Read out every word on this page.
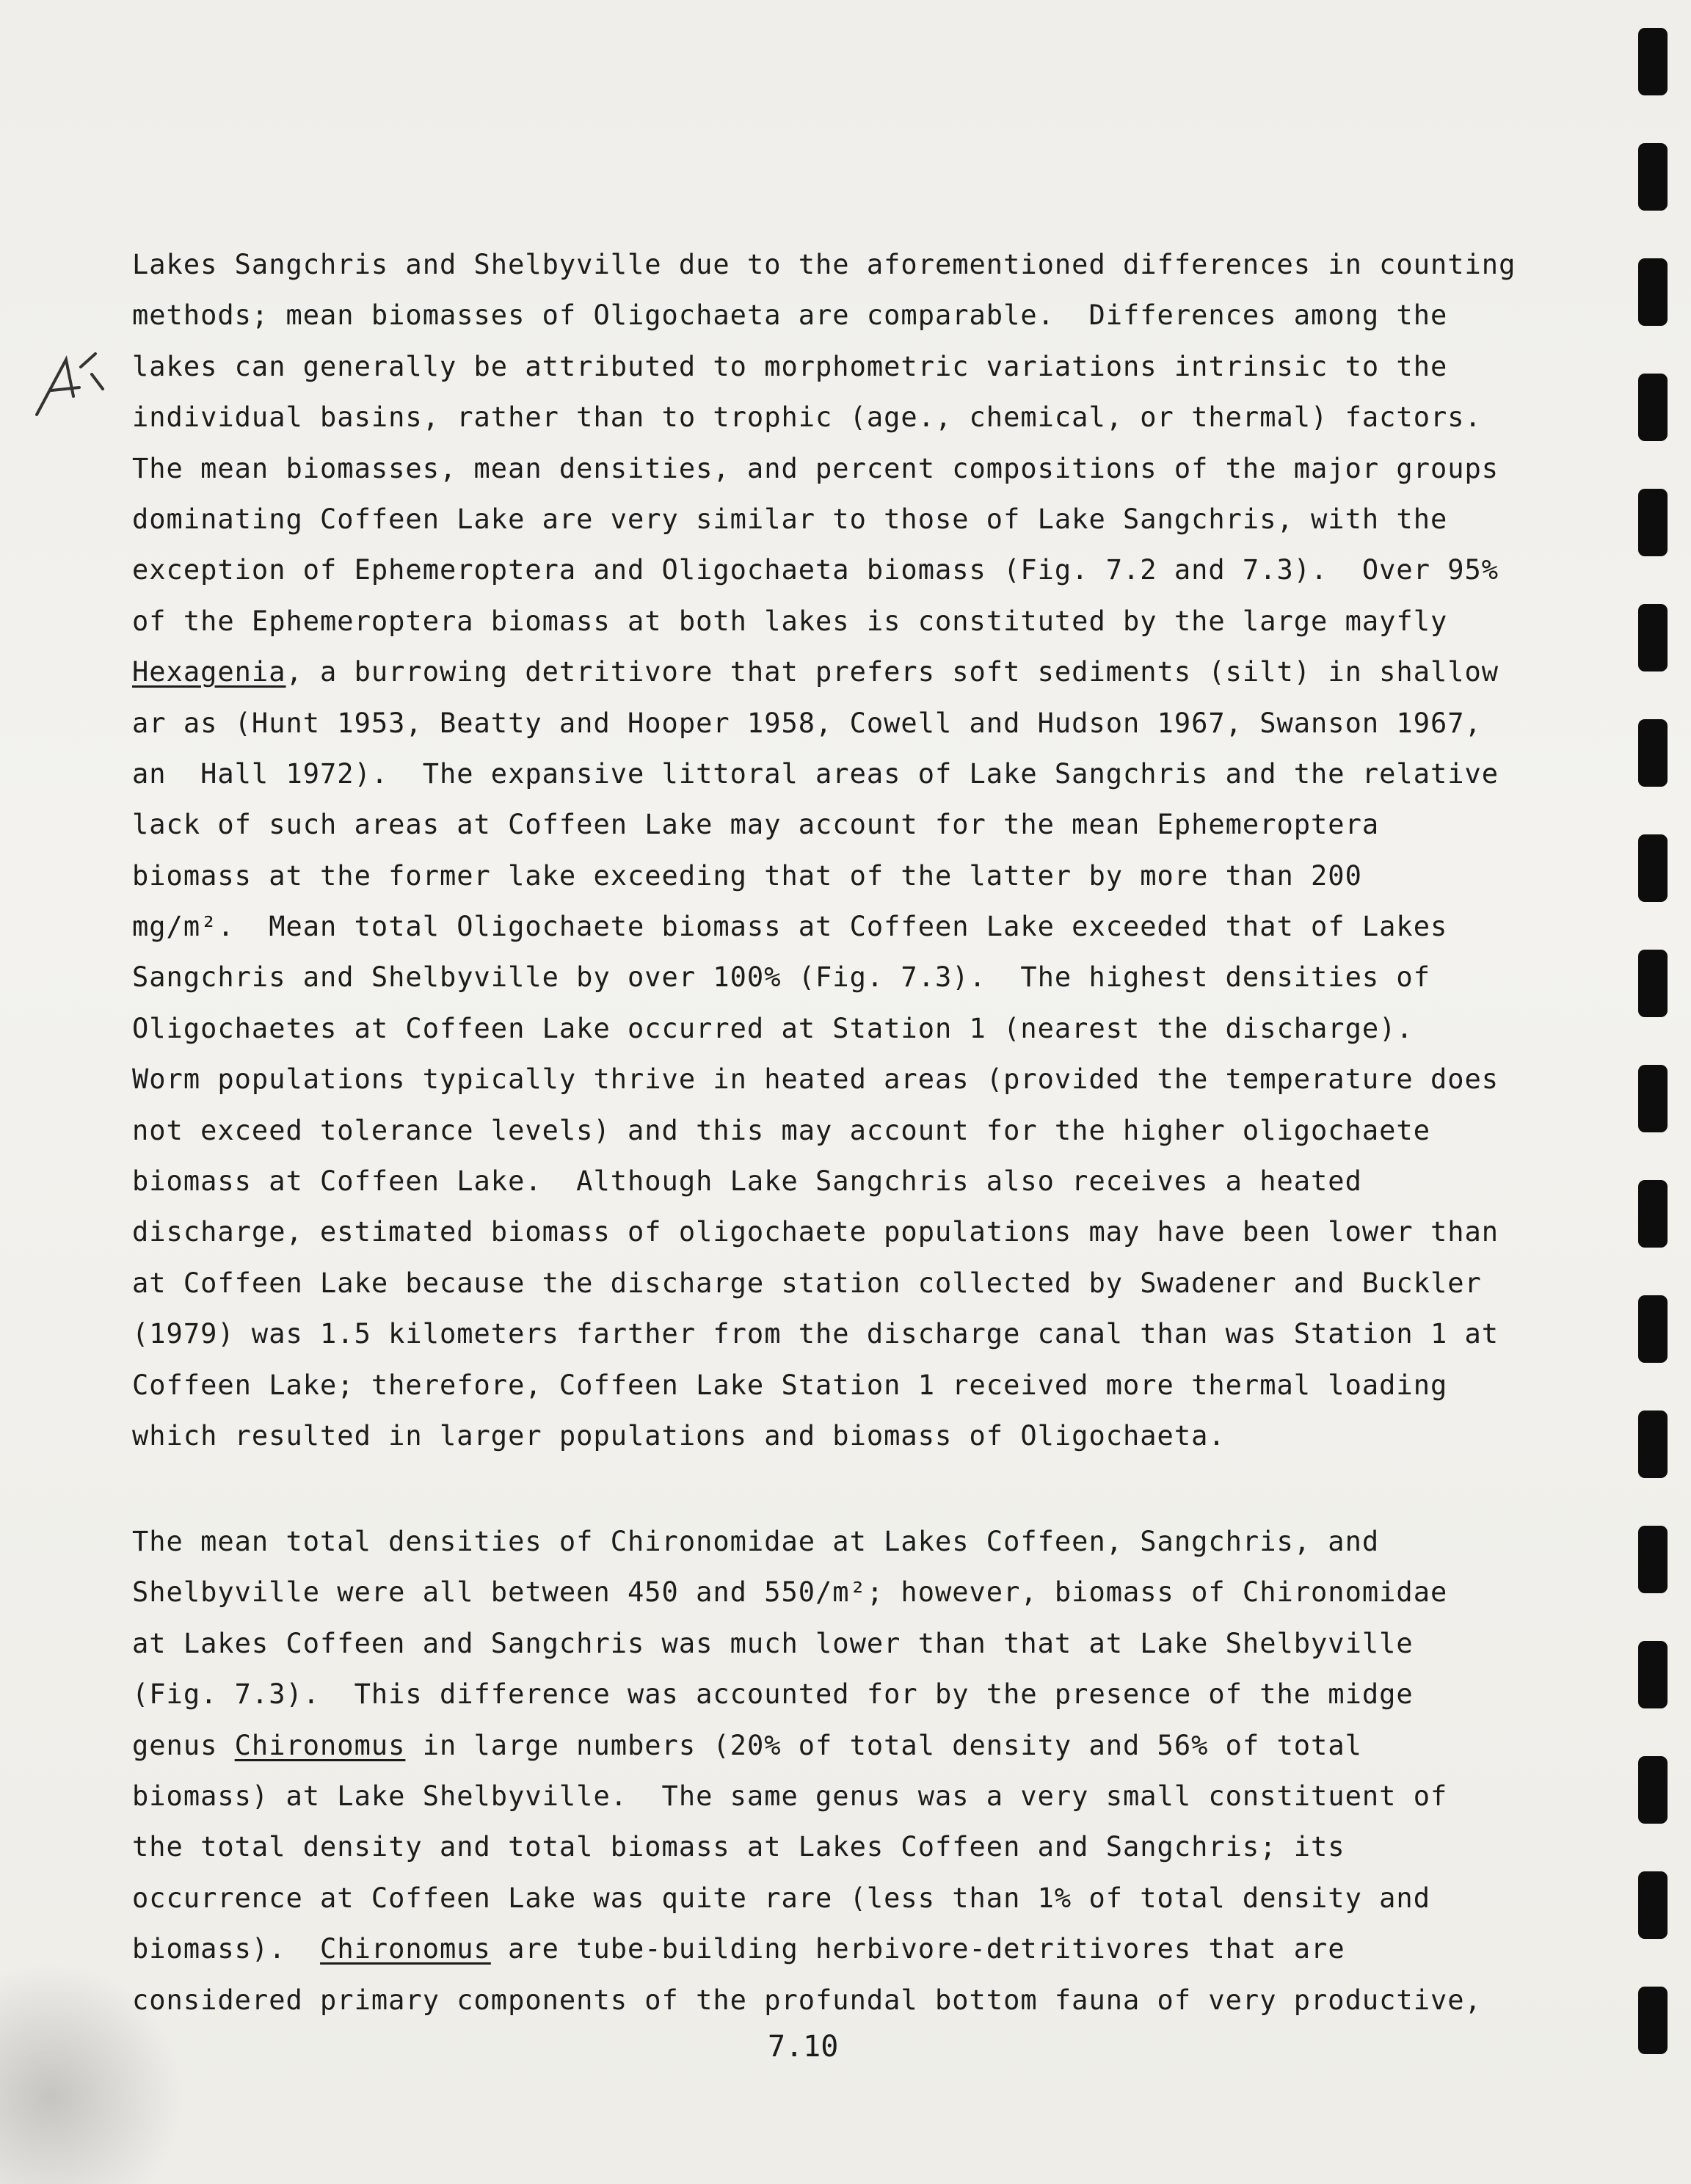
Lakes Sangchris and Shelbyville due to the aforementioned differences in counting
methods; mean biomasses of Oligochaeta are comparable.  Differences among the
lakes can generally be attributed to morphometric variations intrinsic to the
individual basins, rather than to trophic (age., chemical, or thermal) factors.
The mean biomasses, mean densities, and percent compositions of the major groups
dominating Coffeen Lake are very similar to those of Lake Sangchris, with the
exception of Ephemeroptera and Oligochaeta biomass (Fig. 7.2 and 7.3).  Over 95%
of the Ephemeroptera biomass at both lakes is constituted by the large mayfly
Hexagenia, a burrowing detritivore that prefers soft sediments (silt) in shallow
ar as (Hunt 1953, Beatty and Hooper 1958, Cowell and Hudson 1967, Swanson 1967,
an  Hall 1972).  The expansive littoral areas of Lake Sangchris and the relative
lack of such areas at Coffeen Lake may account for the mean Ephemeroptera
biomass at the former lake exceeding that of the latter by more than 200
mg/m².  Mean total Oligochaete biomass at Coffeen Lake exceeded that of Lakes
Sangchris and Shelbyville by over 100% (Fig. 7.3).  The highest densities of
Oligochaetes at Coffeen Lake occurred at Station 1 (nearest the discharge).
Worm populations typically thrive in heated areas (provided the temperature does
not exceed tolerance levels) and this may account for the higher oligochaete
biomass at Coffeen Lake.  Although Lake Sangchris also receives a heated
discharge, estimated biomass of oligochaete populations may have been lower than
at Coffeen Lake because the discharge station collected by Swadener and Buckler
(1979) was 1.5 kilometers farther from the discharge canal than was Station 1 at
Coffeen Lake; therefore, Coffeen Lake Station 1 received more thermal loading
which resulted in larger populations and biomass of Oligochaeta.
The mean total densities of Chironomidae at Lakes Coffeen, Sangchris, and
Shelbyville were all between 450 and 550/m²; however, biomass of Chironomidae
at Lakes Coffeen and Sangchris was much lower than that at Lake Shelbyville
(Fig. 7.3).  This difference was accounted for by the presence of the midge
genus Chironomus in large numbers (20% of total density and 56% of total
biomass) at Lake Shelbyville.  The same genus was a very small constituent of
the total density and total biomass at Lakes Coffeen and Sangchris; its
occurrence at Coffeen Lake was quite rare (less than 1% of total density and
biomass).  Chironomus are tube-building herbivore-detritivores that are
considered primary components of the profundal bottom fauna of very productive,
7.10
